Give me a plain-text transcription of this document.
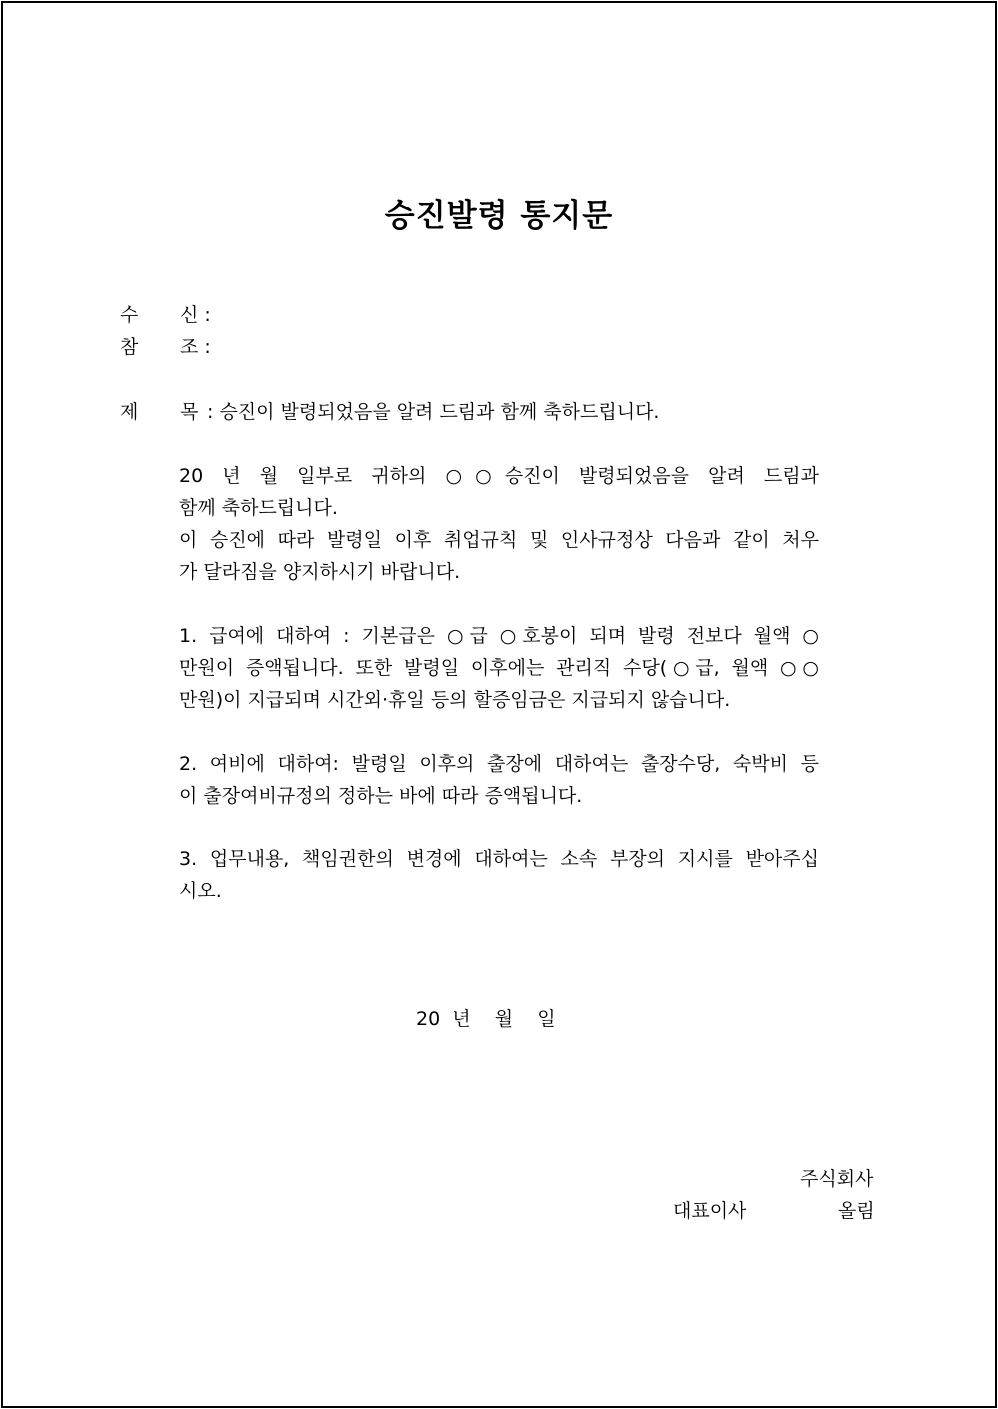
승진발령 통지문
수 신 :
참 조 :
제 목 : 승진이 발령되었음을 알려 드림과 함께 축하드립니다.
20 년 월 일부로 귀하의 ○○승진이 발령되었음을 알려 드림과
함께 축하드립니다.
이 승진에 따라 발령일 이후 취업규칙 및 인사규정상 다음과 같이 처우
가 달라짐을 양지하시기 바랍니다.
1. 급여에 대하여 : 기본급은 ○급 ○호봉이 되며 발령 전보다 월액 ○
만원이 증액됩니다. 또한 발령일 이후에는 관리직 수당(○급, 월액 ○○
만원)이 지급되며 시간외·휴일 등의 할증임금은 지급되지 않습니다.
2. 여비에 대하여: 발령일 이후의 출장에 대하여는 출장수당, 숙박비 등
이 출장여비규정의 정하는 바에 따라 증액됩니다.
3. 업무내용, 책임권한의 변경에 대하여는 소속 부장의 지시를 받아주십
시오.
20  년    월    일
주식회사
대표이사	올림
